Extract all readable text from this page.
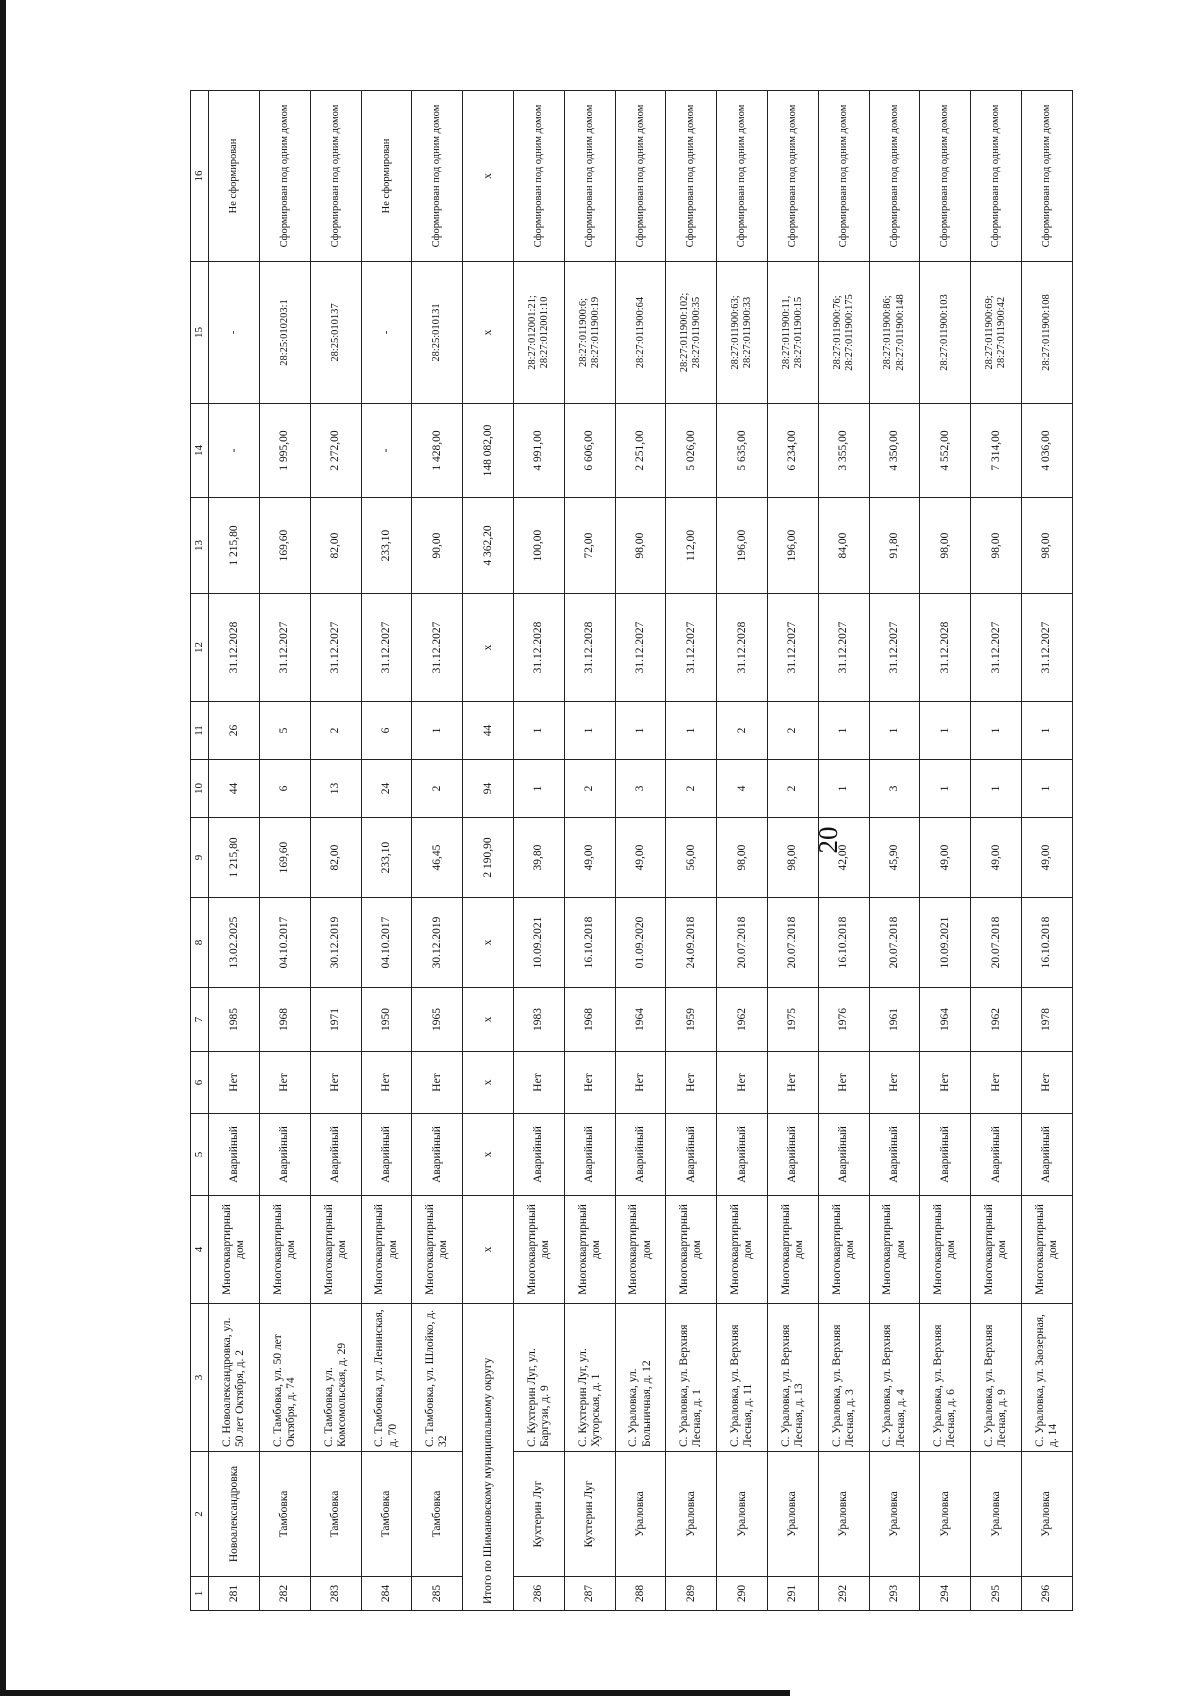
20
1	2	3	4	5	6	7	8	9	10	11	12	13	14	15	16
281	Новоалександровка	С. Новоалександровка, ул. 50 лет Октября, д. 2	Многоквартирный дом	Аварийный	Нет	1985	13.02.2025	1 215,80	44	26	31.12.2028	1 215,80	-	-	Не сформирован
282	Тамбовка	С. Тамбовка, ул. 50 лет Октября, д. 74	Многоквартирный дом	Аварийный	Нет	1968	04.10.2017	169,60	6	5	31.12.2027	169,60	1 995,00	28:25:010203:1	Сформирован под одним домом
283	Тамбовка	С. Тамбовка, ул. Комсомольская, д. 29	Многоквартирный дом	Аварийный	Нет	1971	30.12.2019	82,00	13	2	31.12.2027	82,00	2 272,00	28:25:010137	Сформирован под одним домом
284	Тамбовка	С. Тамбовка, ул. Ленинская, д. 70	Многоквартирный дом	Аварийный	Нет	1950	04.10.2017	233,10	24	6	31.12.2027	233,10	-	-	Не сформирован
285	Тамбовка	С. Тамбовка, ул. Шлойко, д. 32	Многоквартирный дом	Аварийный	Нет	1965	30.12.2019	46,45	2	1	31.12.2027	90,00	1 428,00	28:25:010131	Сформирован под одним домом
Итого по Шимановскому муниципальному округу			x	x	x	x	x	2 190,90	94	44	x	4 362,20	148 082,00	x	x
286	Кухтерин Луг	С. Кухтерин Луг, ул. Баргузи, д. 9	Многоквартирный дом	Аварийный	Нет	1983	10.09.2021	39,80	1	1	31.12.2028	100,00	4 991,00	28:27:012001:21; 28:27:012001:10	Сформирован под одним домом
287	Кухтерин Луг	С. Кухтерин Луг, ул. Хуторская, д. 1	Многоквартирный дом	Аварийный	Нет	1968	16.10.2018	49,00	2	1	31.12.2028	72,00	6 606,00	28:27:011900:6; 28:27:011900:19	Сформирован под одним домом
288	Ураловка	С. Ураловка, ул. Больничная, д. 12	Многоквартирный дом	Аварийный	Нет	1964	01.09.2020	49,00	3	1	31.12.2027	98,00	2 251,00	28:27:011900:64	Сформирован под одним домом
289	Ураловка	С. Ураловка, ул. Верхняя Лесная, д. 1	Многоквартирный дом	Аварийный	Нет	1959	24.09.2018	56,00	2	1	31.12.2027	112,00	5 026,00	28:27:011900:102; 28:27:011900:35	Сформирован под одним домом
290	Ураловка	С. Ураловка, ул. Верхняя Лесная, д. 11	Многоквартирный дом	Аварийный	Нет	1962	20.07.2018	98,00	4	2	31.12.2028	196,00	5 635,00	28:27:011900:63; 28:27:011900:33	Сформирован под одним домом
291	Ураловка	С. Ураловка, ул. Верхняя Лесная, д. 13	Многоквартирный дом	Аварийный	Нет	1975	20.07.2018	98,00	2	2	31.12.2027	196,00	6 234,00	28:27:011900:11, 28:27:011900:15	Сформирован под одним домом
292	Ураловка	С. Ураловка, ул. Верхняя Лесная, д. 3	Многоквартирный дом	Аварийный	Нет	1976	16.10.2018	42,00	1	1	31.12.2027	84,00	3 355,00	28:27:011900:76; 28:27:011900:175	Сформирован под одним домом
293	Ураловка	С. Ураловка, ул. Верхняя Лесная, д. 4	Многоквартирный дом	Аварийный	Нет	1961	20.07.2018	45,90	3	1	31.12.2027	91,80	4 350,00	28:27:011900:86; 28:27:011900:148	Сформирован под одним домом
294	Ураловка	С. Ураловка, ул. Верхняя Лесная, д. 6	Многоквартирный дом	Аварийный	Нет	1964	10.09.2021	49,00	1	1	31.12.2028	98,00	4 552,00	28:27:011900:103	Сформирован под одним домом
295	Ураловка	С. Ураловка, ул. Верхняя Лесная, д. 9	Многоквартирный дом	Аварийный	Нет	1962	20.07.2018	49,00	1	1	31.12.2027	98,00	7 314,00	28:27:011900:69; 28:27:011900:42	Сформирован под одним домом
296	Ураловка	С. Ураловка, ул. Заозерная, д. 14	Многоквартирный дом	Аварийный	Нет	1978	16.10.2018	49,00	1	1	31.12.2027	98,00	4 036,00	28:27:011900:108	Сформирован под одним домом
